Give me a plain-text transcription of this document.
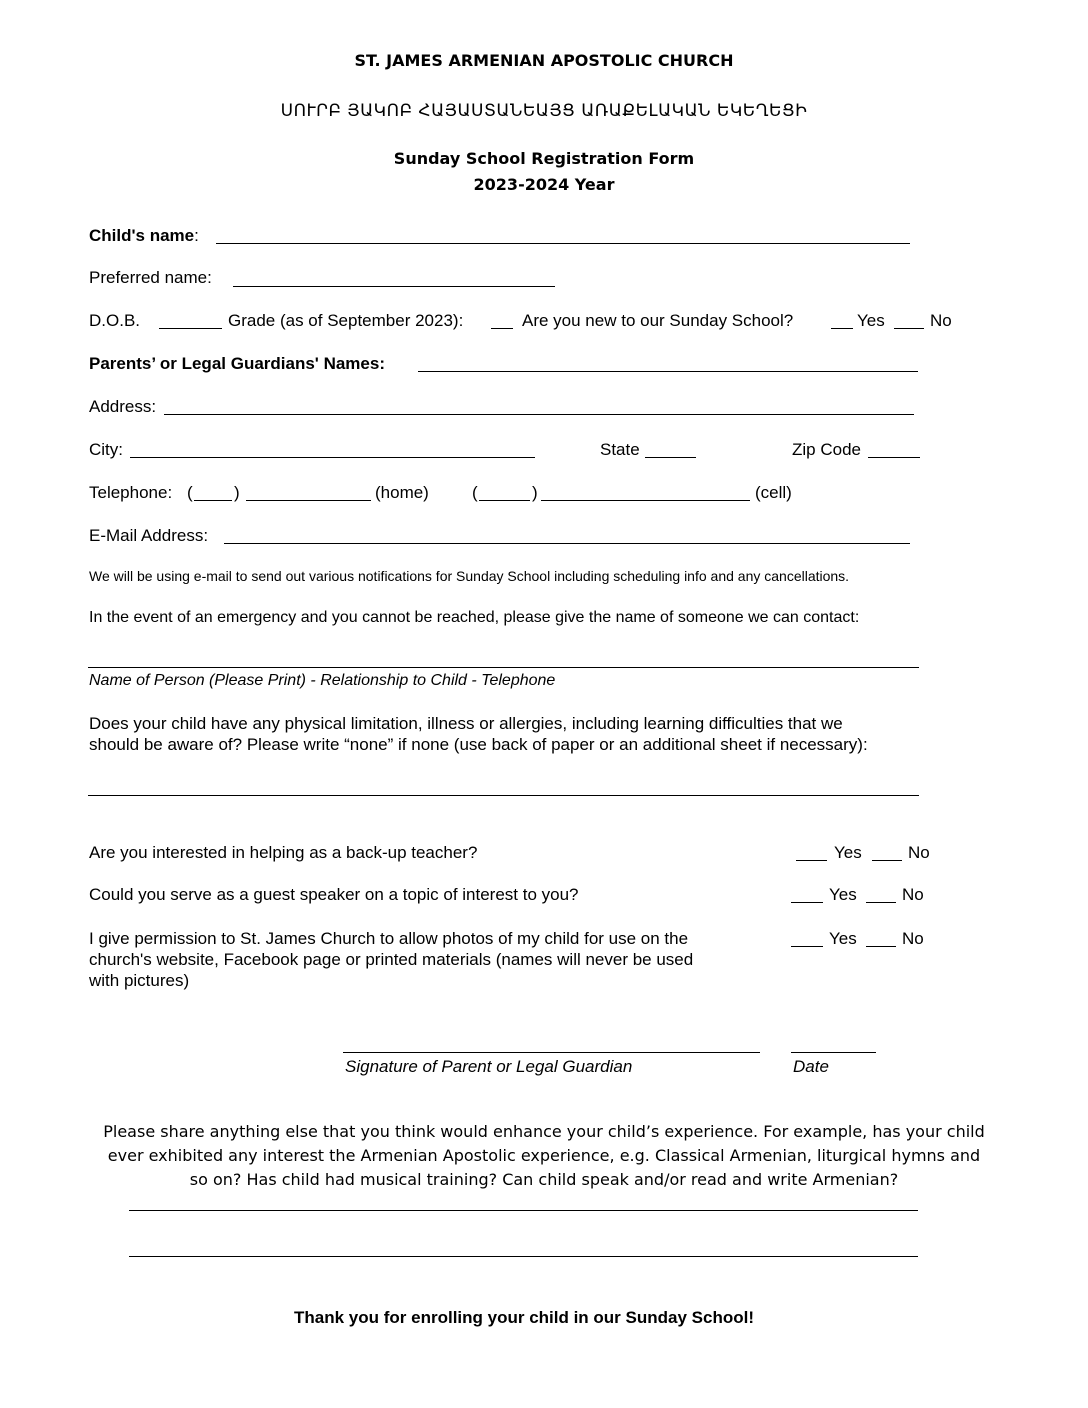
ST. JAMES ARMENIAN APOSTOLIC CHURCH
ՍՈՒՐԲ ՅԱԿՈԲ ՀԱՅԱՍՏԱՆԵԱՅՑ ԱՌԱՔԵԼԱԿԱՆ ԵԿԵՂԵՑԻ
Sunday School Registration Form
2023-2024 Year
Child's name:
Preferred name:
D.O.B.	Grade (as of September 2023):	Are you new to our Sunday School?	Yes	No
Parents’ or Legal Guardians' Names:
Address:
City:	State	Zip Code
Telephone: ( )	(home)	(	)	(cell)
E-Mail Address:
We will be using e-mail to send out various notifications for Sunday School including scheduling info and any cancellations.
In the event of an emergency and you cannot be reached, please give the name of someone we can contact:
Name of Person (Please Print) - Relationship to Child - Telephone
Does your child have any physical limitation, illness or allergies, including learning difficulties that we
should be aware of? Please write “none” if none (use back of paper or an additional sheet if necessary):
Are you interested in helping as a back-up teacher?	Yes	No
Could you serve as a guest speaker on a topic of interest to you?	Yes	No
I give permission to St. James Church to allow photos of my child for use on the
church's website, Facebook page or printed materials (names will never be used
with pictures)
Yes	No
Signature of Parent or Legal Guardian	Date
Please share anything else that you think would enhance your child’s experience. For example, has your child
ever exhibited any interest the Armenian Apostolic experience, e.g. Classical Armenian, liturgical hymns and
so on? Has child had musical training? Can child speak and/or read and write Armenian?
Thank you for enrolling your child in our Sunday School!
